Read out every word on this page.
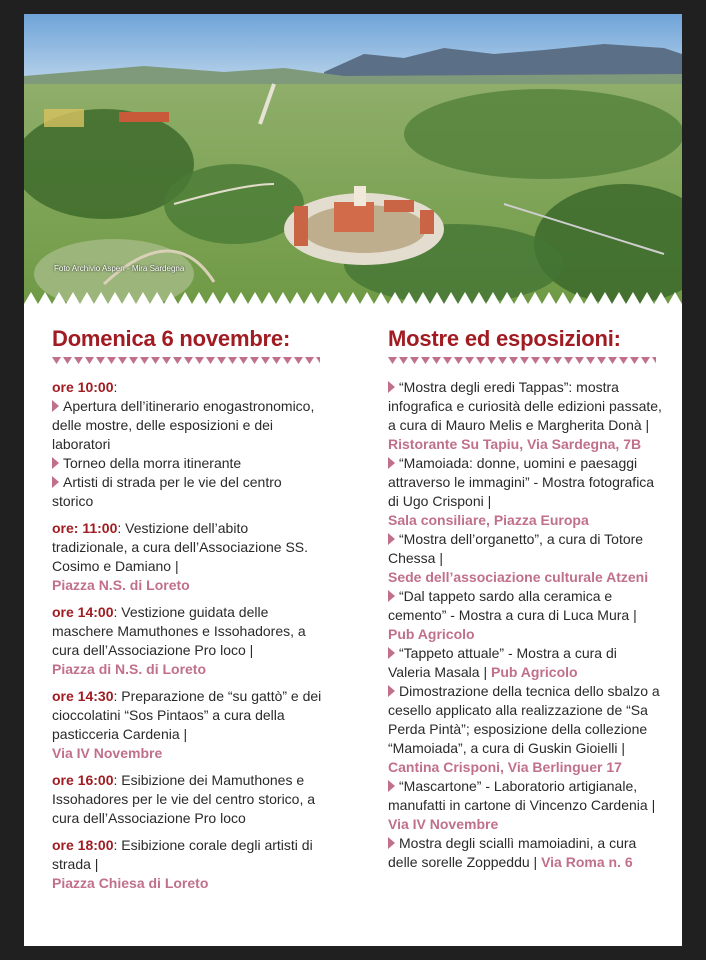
Foto Archivio Aspen - Mira Sardegna
Domenica 6 novembre:
ore 10:00:
Apertura dell’itinerario enogastronomico, delle mostre, delle esposizioni e dei laboratori
Torneo della morra itinerante
Artisti di strada per le vie del centro storico
ore: 11:00: Vestizione dell’abito tradizionale, a cura dell’Associazione SS. Cosimo e Damiano |
Piazza N.S. di Loreto
ore 14:00: Vestizione guidata delle maschere Mamuthones e Issohadores, a cura dell’Associazione Pro loco |
Piazza di N.S. di Loreto
ore 14:30: Preparazione de “su gattò” e dei cioccolatini “Sos Pintaos” a cura della pasticceria Cardenia |
Via IV Novembre
ore 16:00: Esibizione dei Mamuthones e Issohadores per le vie del centro storico, a cura dell’Associazione Pro loco
ore 18:00: Esibizione corale degli artisti di strada |
Piazza Chiesa di Loreto
Mostre ed esposizioni:
“Mostra degli eredi Tappas”: mostra infografica e curiosità delle edizioni passate, a cura di Mauro Melis e Margherita Donà |
Ristorante Su Tapiu, Via Sardegna, 7B
“Mamoiada: donne, uomini e paesaggi attraverso le immagini” - Mostra fotografica di Ugo Crisponi |
Sala consiliare, Piazza Europa
“Mostra dell’organetto”, a cura di Totore Chessa |
Sede dell’associazione culturale Atzeni
“Dal tappeto sardo alla ceramica e cemento” - Mostra a cura di Luca Mura |
Pub Agricolo
“Tappeto attuale” - Mostra a cura di Valeria Masala | Pub Agricolo
Dimostrazione della tecnica dello sbalzo a cesello applicato alla realizzazione de “Sa Perda Pintà”; esposizione della collezione “Mamoiada”, a cura di Guskin Gioielli | Cantina Crisponi, Via Berlinguer 17
“Mascartone” - Laboratorio artigianale, manufatti in cartone di Vincenzo Cardenia |
Via IV Novembre
Mostra degli sciallì mamoiadini, a cura delle sorelle Zoppeddu | Via Roma n. 6
